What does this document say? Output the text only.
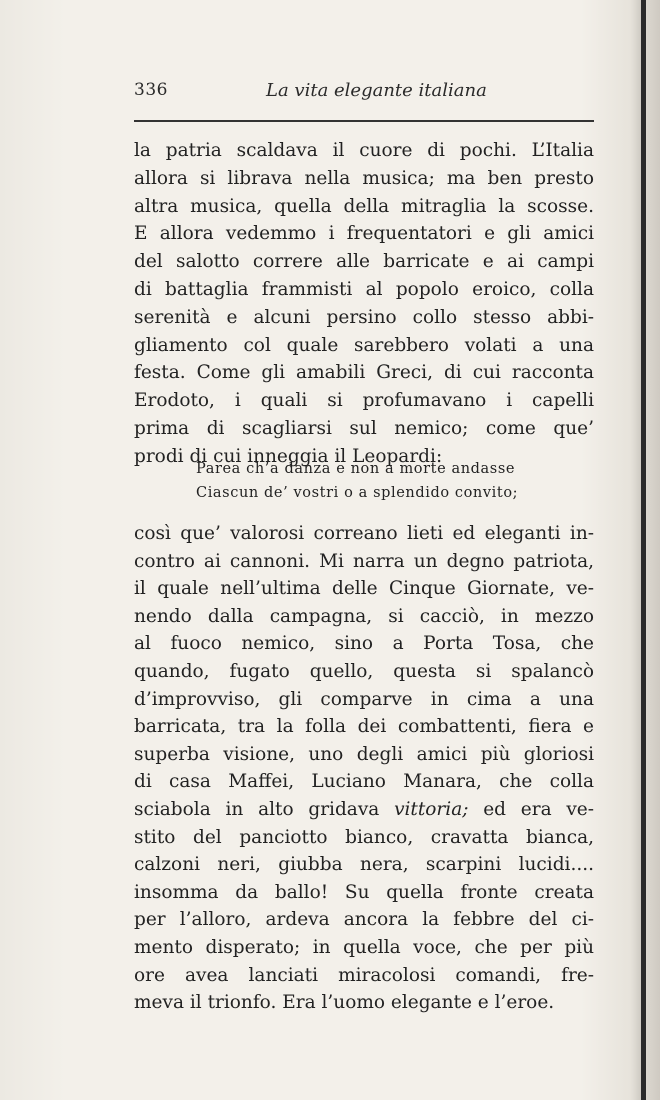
336	La vita elegante italiana
la patria scaldava il cuore di pochi. L’Italia
allora si librava nella musica; ma ben presto
altra musica, quella della mitraglia la scosse.
E allora vedemmo i frequentatori e gli amici
del salotto correre alle barricate e ai campi
di battaglia frammisti al popolo eroico, colla
serenità e alcuni persino collo stesso abbi-
gliamento col quale sarebbero volati a una
festa. Come gli amabili Greci, di cui racconta
Erodoto, i quali si profumavano i capelli
prima di scagliarsi sul nemico; come que’
prodi di cui inneggia il Leopardi:
Parea ch’a danza e non a morte andasse
Ciascun de’ vostri o a splendido convito;
così que’ valorosi correano lieti ed eleganti in-
contro ai cannoni. Mi narra un degno patriota,
il quale nell’ultima delle Cinque Giornate, ve-
nendo dalla campagna, si cacciò, in mezzo
al fuoco nemico, sino a Porta Tosa, che
quando, fugato quello, questa si spalancò
d’improvviso, gli comparve in cima a una
barricata, tra la folla dei combattenti, fiera e
superba visione, uno degli amici più gloriosi
di casa Maffei, Luciano Manara, che colla
sciabola in alto gridava vittoria; ed era ve-
stito del panciotto bianco, cravatta bianca,
calzoni neri, giubba nera, scarpini lucidi....
insomma da ballo! Su quella fronte creata
per l’alloro, ardeva ancora la febbre del ci-
mento disperato; in quella voce, che per più
ore avea lanciati miracolosi comandi, fre-
meva il trionfo. Era l’uomo elegante e l’eroe.
